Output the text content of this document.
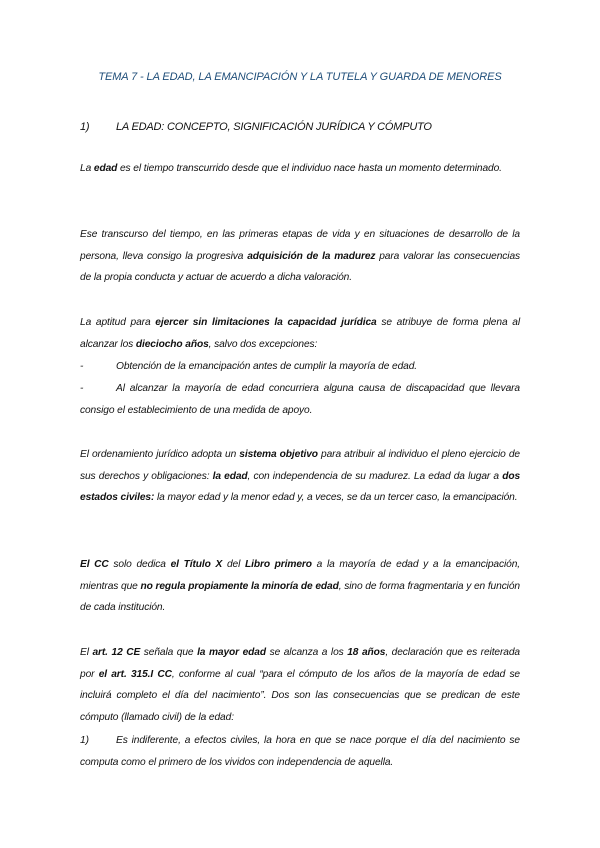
TEMA 7 - LA EDAD, LA EMANCIPACIÓN Y LA TUTELA Y GUARDA DE MENORES
1) LA EDAD: CONCEPTO, SIGNIFICACIÓN JURÍDICA Y CÓMPUTO
La edad es el tiempo transcurrido desde que el individuo nace hasta un momento determinado.
Ese transcurso del tiempo, en las primeras etapas de vida y en situaciones de desarrollo de la persona, lleva consigo la progresiva adquisición de la madurez para valorar las consecuencias de la propia conducta y actuar de acuerdo a dicha valoración.
La aptitud para ejercer sin limitaciones la capacidad jurídica se atribuye de forma plena al alcanzar los dieciocho años, salvo dos excepciones:
-	Obtención de la emancipación antes de cumplir la mayoría de edad.
-	Al alcanzar la mayoría de edad concurriera alguna causa de discapacidad que llevara consigo el establecimiento de una medida de apoyo.
El ordenamiento jurídico adopta un sistema objetivo para atribuir al individuo el pleno ejercicio de sus derechos y obligaciones: la edad, con independencia de su madurez. La edad da lugar a dos estados civiles: la mayor edad y la menor edad y, a veces, se da un tercer caso, la emancipación.
El CC solo dedica el Título X del Libro primero a la mayoría de edad y a la emancipación, mientras que no regula propiamente la minoría de edad, sino de forma fragmentaria y en función de cada institución.
El art. 12 CE señala que la mayor edad se alcanza a los 18 años, declaración que es reiterada por el art. 315.I CC, conforme al cual “para el cómputo de los años de la mayoría de edad se incluirá completo el día del nacimiento”. Dos son las consecuencias que se predican de este cómputo (llamado civil) de la edad:
1)	Es indiferente, a efectos civiles, la hora en que se nace porque el día del nacimiento se computa como el primero de los vividos con independencia de aquella.
